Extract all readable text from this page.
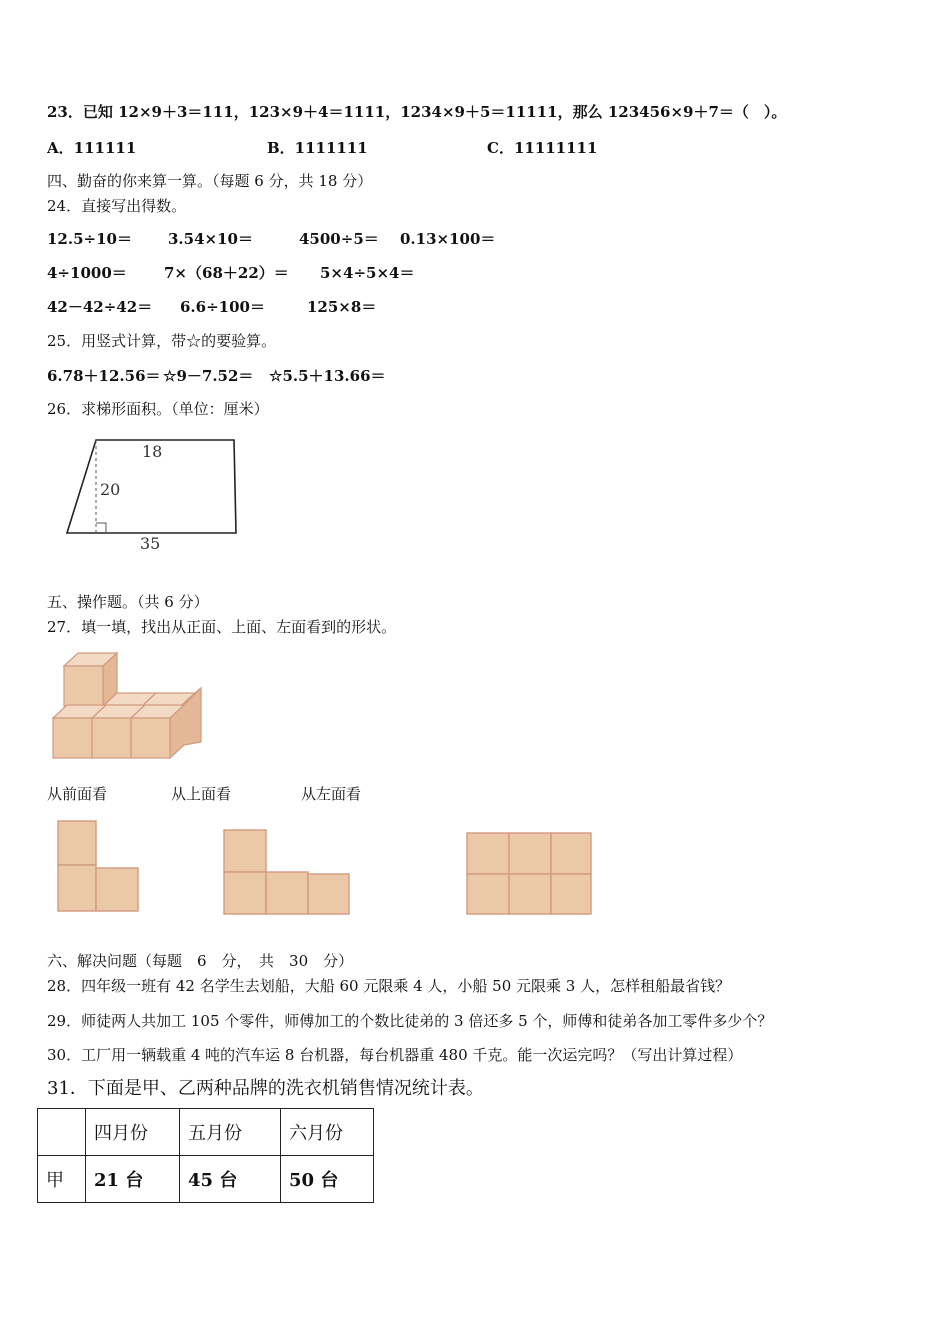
23．已知 12×9＋3＝111，123×9＋4＝1111，1234×9＋5＝11111，那么 123456×9＋7＝（　）。
A．111111	B．1111111	C．11111111
四、勤奋的你来算一算。（每题 6 分，共 18 分）
24．直接写出得数。
12.5÷10＝ 3.54×10＝	4500÷5＝ 0.13×100＝
4÷1000＝ 7×（68＋22）＝ 5×4÷5×4＝
42－42÷42＝ 6.6÷100＝	125×8＝
25．用竖式计算，带☆的要验算。
6.78＋12.56＝ ☆9－7.52＝ ☆5.5＋13.66＝
26．求梯形面积。（单位：厘米）
18
20
35
五、操作题。（共 6 分）
27．填一填，找出从正面、上面、左面看到的形状。
从前面看	从上面看	从左面看
六、解决问题（每题　6　分，　共　30　分）
28．四年级一班有 42 名学生去划船，大船 60 元限乘 4 人，小船 50 元限乘 3 人，怎样租船最省钱？
29．师徒两人共加工 105 个零件，师傅加工的个数比徒弟的 3 倍还多 5 个，师傅和徒弟各加工零件多少个？
30．工厂用一辆载重 4 吨的汽车运 8 台机器，每台机器重 480 千克。能一次运完吗？（写出计算过程）
31．下面是甲、乙两种品牌的洗衣机销售情况统计表。
	四月份	五月份	六月份
甲	21 台	45 台	50 台
